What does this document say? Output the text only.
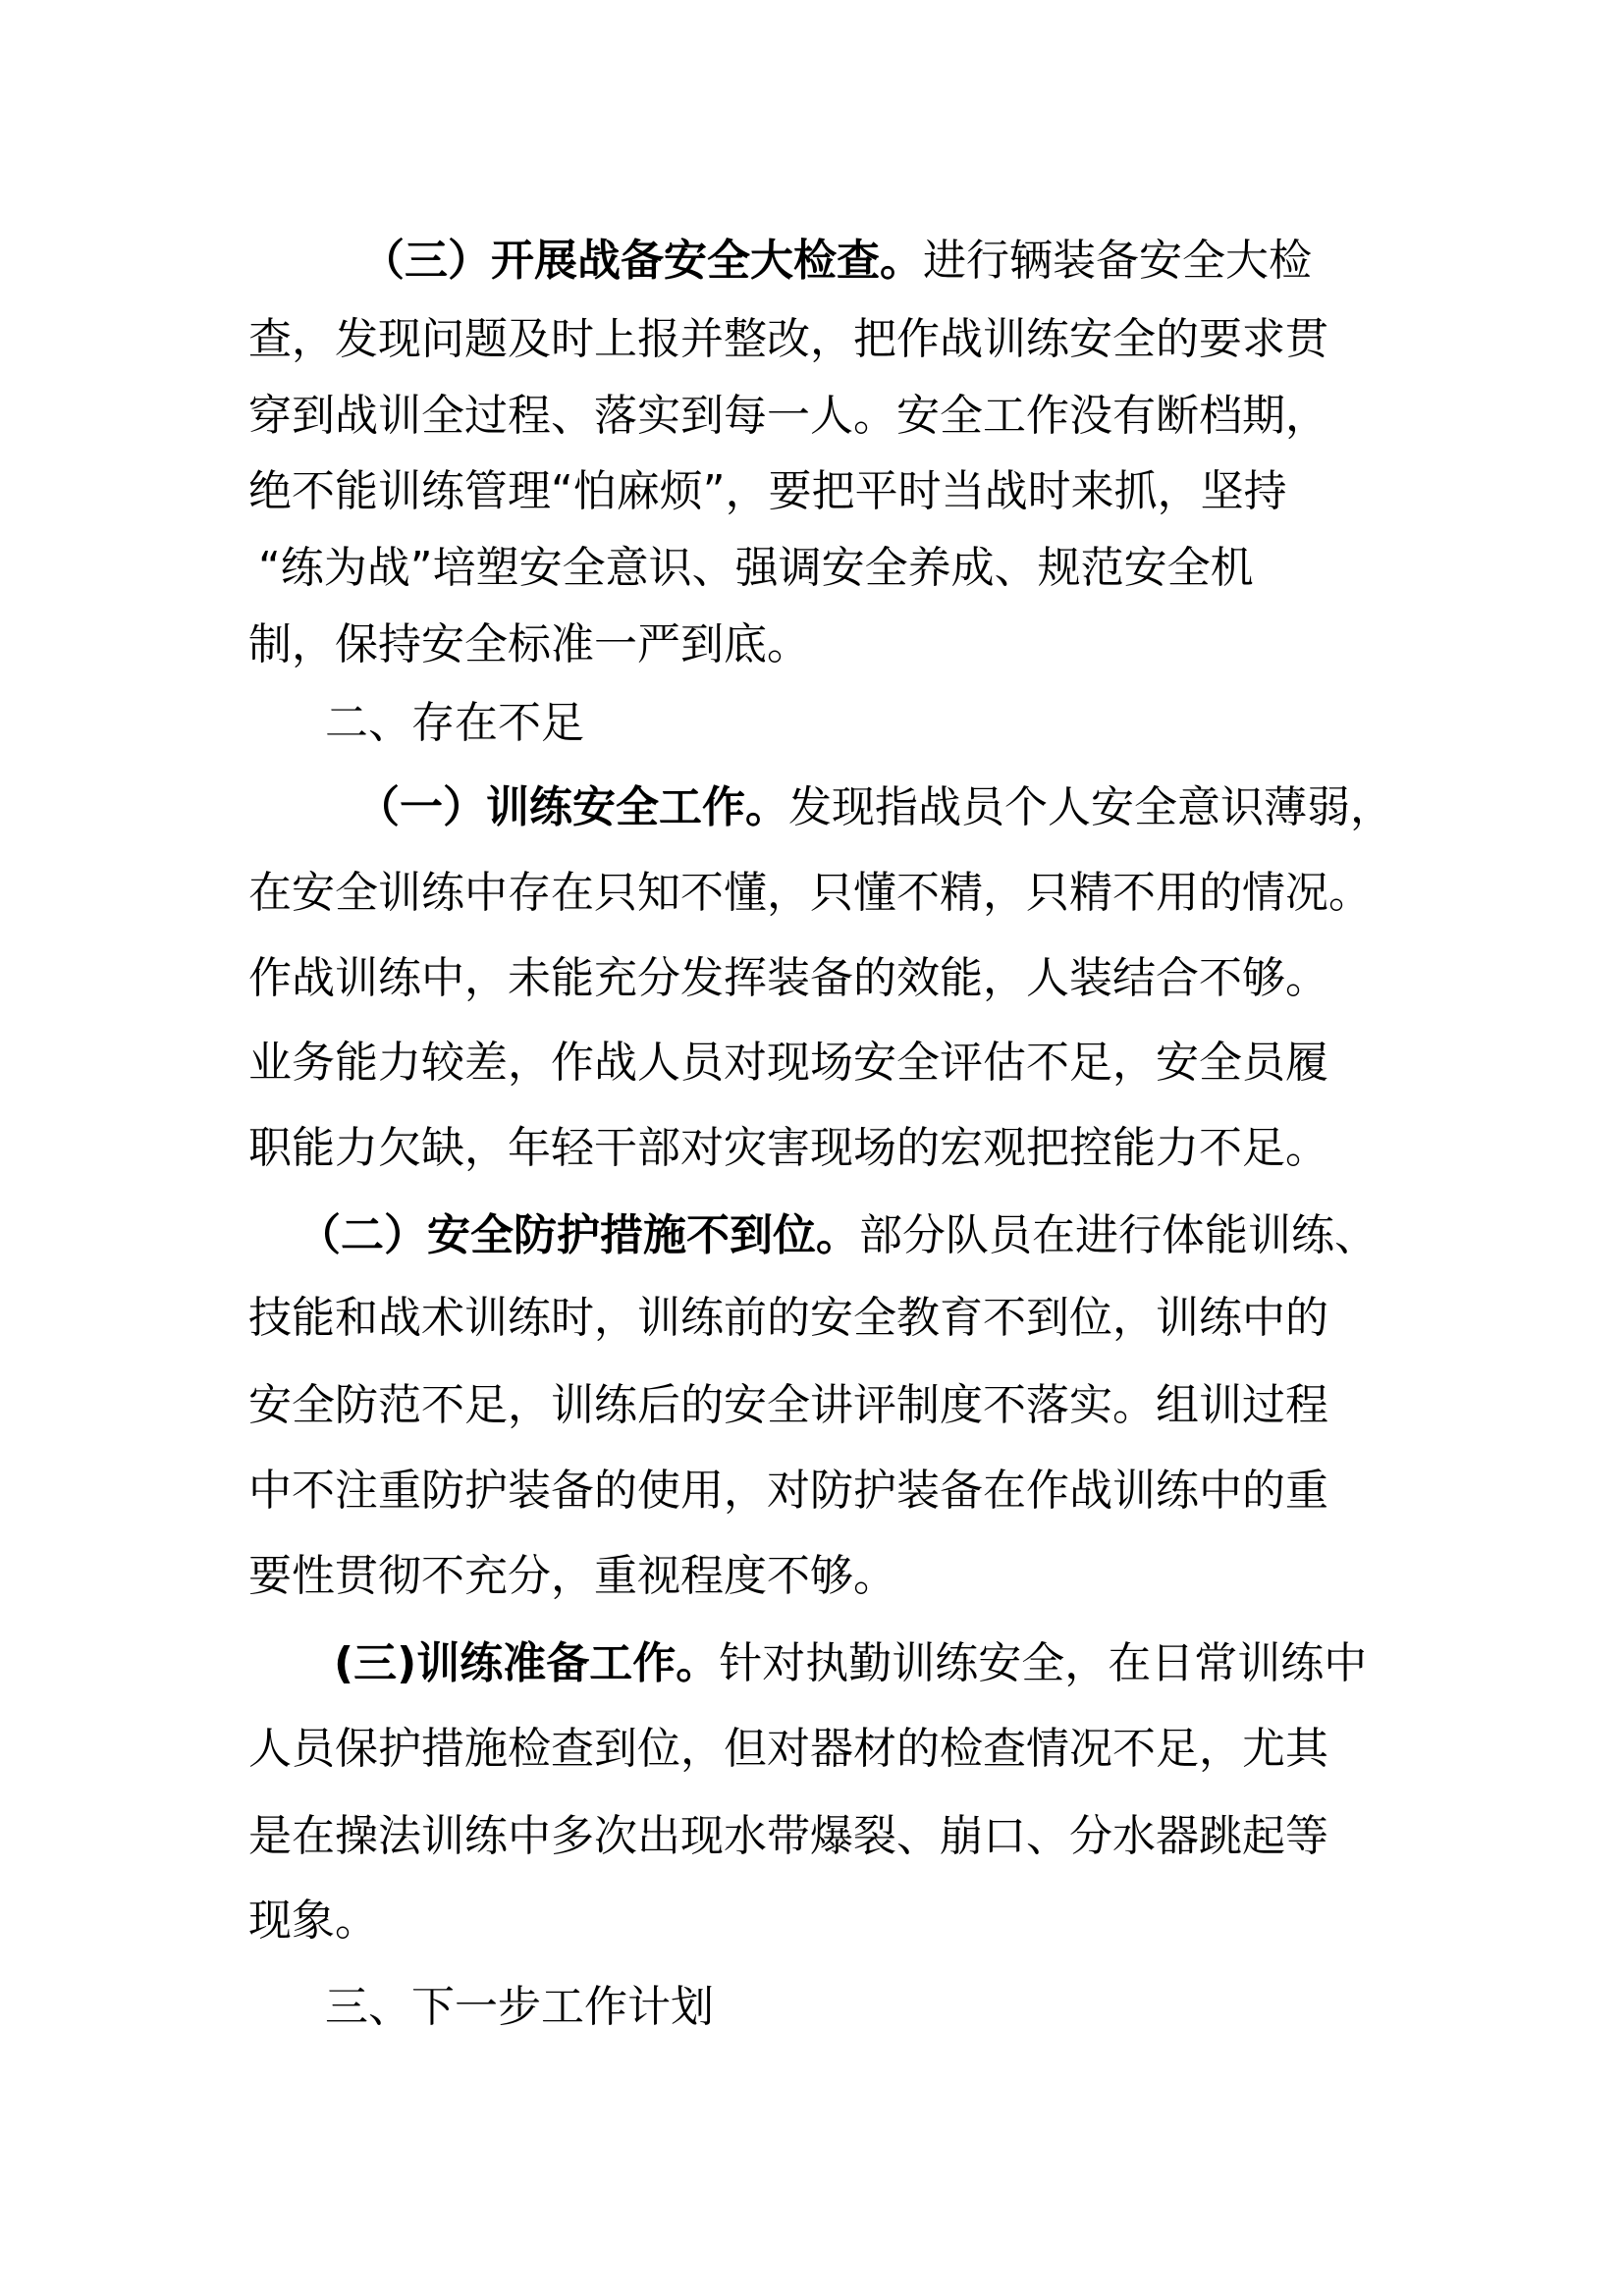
（三）开展战备安全大检查。进行辆装备安全大检
查，发现问题及时上报并整改，把作战训练安全的要求贯
穿到战训全过程、落实到每一人。安全工作没有断档期，
绝不能训练管理“怕麻烦”，要把平时当战时来抓，坚持
“练为战”培塑安全意识、强调安全养成、规范安全机
制，保持安全标准一严到底。
二、存在不足
（一）训练安全工作。发现指战员个人安全意识薄弱，
在安全训练中存在只知不懂，只懂不精，只精不用的情况。
作战训练中，未能充分发挥装备的效能，人装结合不够。
业务能力较差，作战人员对现场安全评估不足，安全员履
职能力欠缺，年轻干部对灾害现场的宏观把控能力不足。
（二）安全防护措施不到位。部分队员在进行体能训练、
技能和战术训练时，训练前的安全教育不到位，训练中的
安全防范不足，训练后的安全讲评制度不落实。组训过程
中不注重防护装备的使用，对防护装备在作战训练中的重
要性贯彻不充分，重视程度不够。
(三)训练准备工作。针对执勤训练安全，在日常训练中
人员保护措施检查到位，但对器材的检查情况不足，尤其
是在操法训练中多次出现水带爆裂、崩口、分水器跳起等
现象。
三、下一步工作计划
